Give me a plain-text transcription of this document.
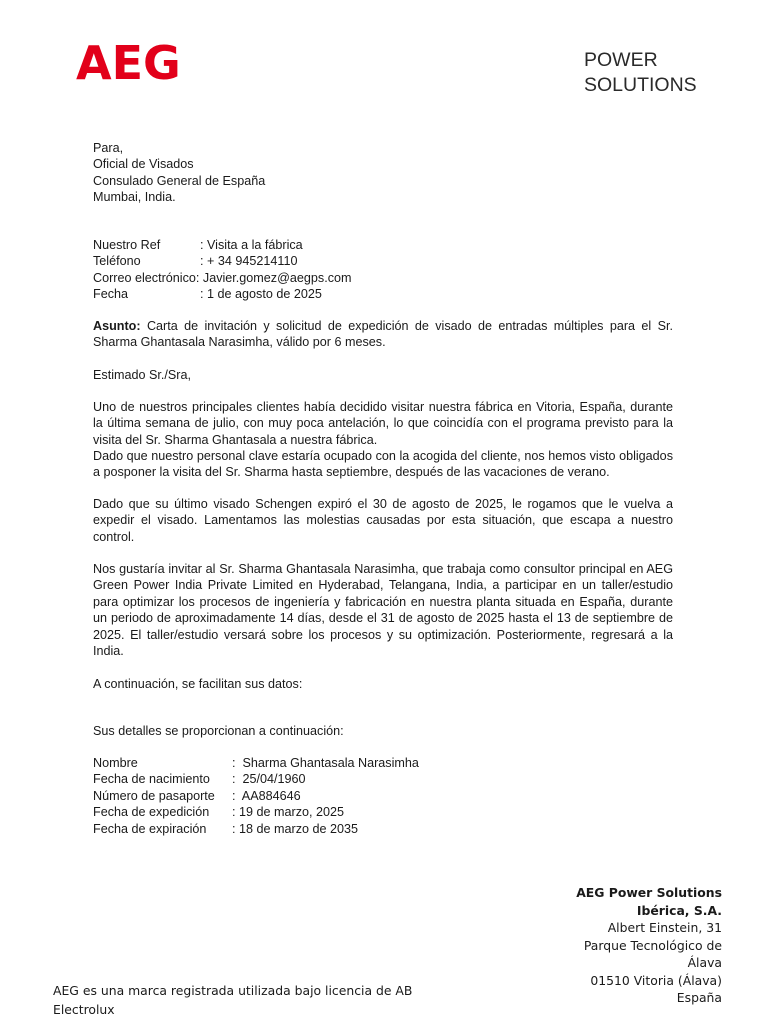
AEG	POWER
SOLUTIONS
Para,
Oficial de Visados
Consulado General de España
Mumbai, India.
Nuestro Ref	: Visita a la fábrica
Teléfono	: + 34 945214110
Correo electrónico: Javier.gomez@aegps.com
Fecha	: 1 de agosto de 2025
Asunto: Carta de invitación y solicitud de expedición de visado de entradas múltiples para el Sr. Sharma Ghantasala Narasimha, válido por 6 meses.
Estimado Sr./Sra,
Uno de nuestros principales clientes había decidido visitar nuestra fábrica en Vitoria, España, durante la última semana de julio, con muy poca antelación, lo que coincidía con el programa previsto para la visita del Sr. Sharma Ghantasala a nuestra fábrica.
Dado que nuestro personal clave estaría ocupado con la acogida del cliente, nos hemos visto obligados a posponer la visita del Sr. Sharma hasta septiembre, después de las vacaciones de verano.
Dado que su último visado Schengen expiró el 30 de agosto de 2025, le rogamos que le vuelva a expedir el visado. Lamentamos las molestias causadas por esta situación, que escapa a nuestro control.
Nos gustaría invitar al Sr. Sharma Ghantasala Narasimha, que trabaja como consultor principal en AEG Green Power India Private Limited en Hyderabad, Telangana, India, a participar en un taller/estudio para optimizar los procesos de ingeniería y fabricación en nuestra planta situada en España, durante un periodo de aproximadamente 14 días, desde el 31 de agosto de 2025 hasta el 13 de septiembre de 2025. El taller/estudio versará sobre los procesos y su optimización. Posteriormente, regresará a la India.
A continuación, se facilitan sus datos:
Sus detalles se proporcionan a continuación:
Nombre	:  Sharma Ghantasala Narasimha
Fecha de nacimiento	:  25/04/1960
Número de pasaporte	:  AA884646
Fecha de expedición	: 19 de marzo, 2025
Fecha de expiración	: 18 de marzo de 2035
AEG Power Solutions
Ibérica, S.A.
Albert Einstein, 31
Parque Tecnológico de
Álava
01510 Vitoria (Álava)
España
AEG es una marca registrada utilizada bajo licencia de AB Electrolux
